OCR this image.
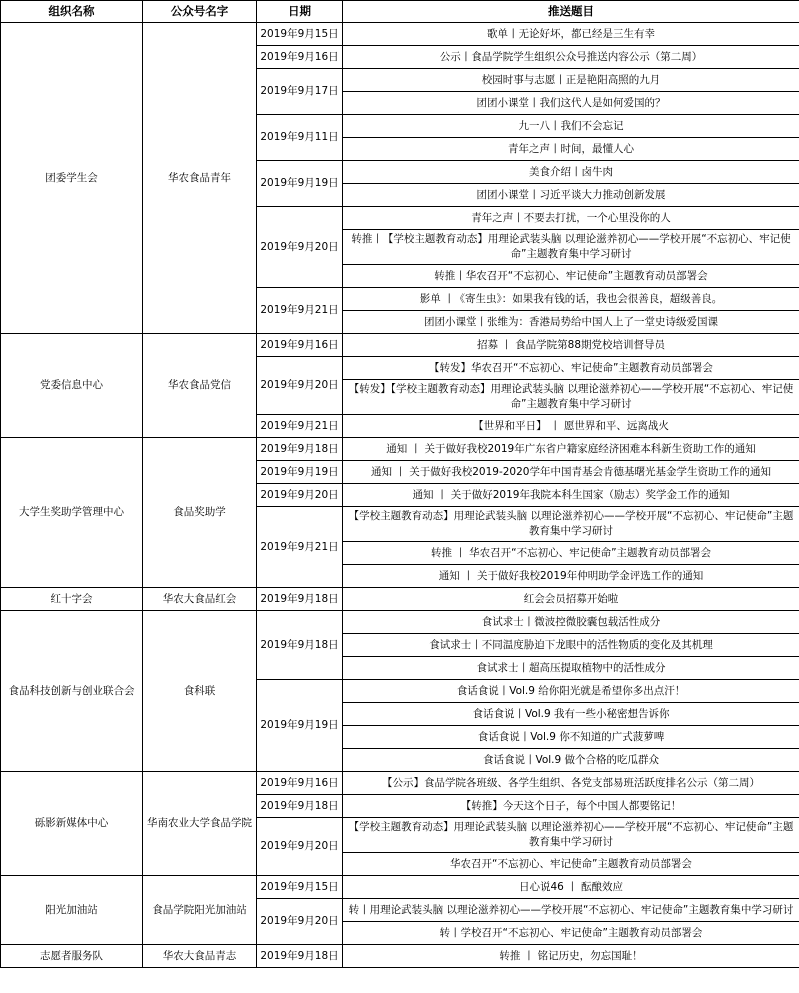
组织名称	公众号名字	日期	推送题目
团委学生会	华农食品青年	2019年9月15日	歌单丨无论好坏，都已经是三生有幸
		2019年9月16日	公示丨食品学院学生组织公众号推送内容公示（第二周）
		2019年9月17日	校园时事与志愿丨正是艳阳高照的九月
			团团小课堂丨我们这代人是如何爱国的？
		2019年9月11日	九一八丨我们不会忘记
			青年之声丨时间，最懂人心
		2019年9月19日	美食介绍丨卤牛肉
			团团小课堂丨习近平谈大力推动创新发展
		2019年9月20日	青年之声丨不要去打扰，一个心里没你的人
			转推丨【学校主题教育动态】用理论武装头脑 以理论滋养初心——学校开展“不忘初心、牢记使命”主题教育集中学习研讨
			转推丨华农召开“不忘初心、牢记使命”主题教育动员部署会
		2019年9月21日	影单 丨《寄生虫》：如果我有钱的话，我也会很善良，超级善良。
			团团小课堂丨张维为：香港局势给中国人上了一堂史诗级爱国课
党委信息中心	华农食品党信	2019年9月16日	招募 丨 食品学院第88期党校培训督导员
		2019年9月20日	【转发】华农召开“不忘初心、牢记使命”主题教育动员部署会
			【转发】【学校主题教育动态】用理论武装头脑 以理论滋养初心——学校开展“不忘初心、牢记使命”主题教育集中学习研讨
		2019年9月21日	【世界和平日】 丨 愿世界和平、远离战火
大学生奖助学管理中心	食品奖助学	2019年9月18日	通知 丨 关于做好我校2019年广东省户籍家庭经济困难本科新生资助工作的通知
		2019年9月19日	通知 丨 关于做好我校2019-2020学年中国青基会肯德基曙光基金学生资助工作的通知
		2019年9月20日	通知 丨 关于做好2019年我院本科生国家（励志）奖学金工作的通知
		2019年9月21日	【学校主题教育动态】用理论武装头脑 以理论滋养初心——学校开展“不忘初心、牢记使命”主题教育集中学习研讨
			转推 丨 华农召开“不忘初心、牢记使命”主题教育动员部署会
			通知 丨 关于做好我校2019年仲明助学金评选工作的通知
红十字会	华农大食品红会	2019年9月18日	红会会员招募开始啦
食品科技创新与创业联合会	食科联	2019年9月18日	食试求士丨微波控微胶囊包载活性成分
			食试求士丨不同温度胁迫下龙眼中的活性物质的变化及其机理
			食试求士丨超高压提取植物中的活性成分
		2019年9月19日	食话食说丨Vol.9 给你阳光就是希望你多出点汗！
			食话食说丨Vol.9 我有一些小秘密想告诉你
			食话食说丨Vol.9 你不知道的广式菠萝啤
			食话食说丨Vol.9 做个合格的吃瓜群众
砾影新媒体中心	华南农业大学食品学院	2019年9月16日	【公示】食品学院各班级、各学生组织、各党支部易班活跃度排名公示（第二周）
		2019年9月18日	【转推】今天这个日子，每个中国人都要铭记！
		2019年9月20日	【学校主题教育动态】用理论武装头脑 以理论滋养初心——学校开展“不忘初心、牢记使命”主题教育集中学习研讨
			华农召开“不忘初心、牢记使命”主题教育动员部署会
阳光加油站	食品学院阳光加油站	2019年9月15日	日心说46 丨 酝酿效应
		2019年9月20日	转丨用理论武装头脑 以理论滋养初心——学校开展“不忘初心、牢记使命”主题教育集中学习研讨
			转丨学校召开“不忘初心、牢记使命”主题教育动员部署会
志愿者服务队	华农大食品青志	2019年9月18日	转推 丨 铭记历史，勿忘国耻！
